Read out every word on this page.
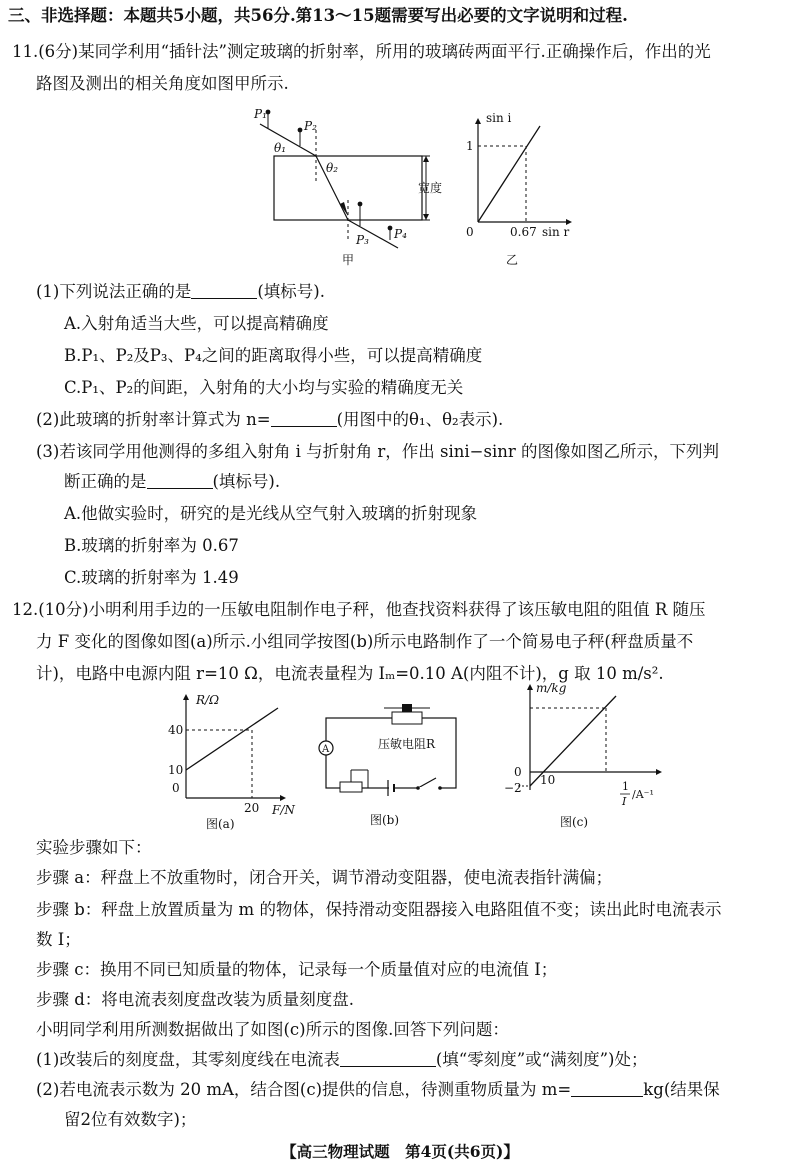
三、非选择题：本题共5小题，共56分.第13～15题需要写出必要的文字说明和过程.
11.(6分)某同学利用“插针法”测定玻璃的折射率，所用的玻璃砖两面平行.正确操作后，作出的光
路图及测出的相关角度如图甲所示.
P₁
P₂
P₃ P₄
θ₁
θ₂
宽度
甲
sin i
1
0	0.67 sin r
乙
(1)下列说法正确的是	(填标号).
A.入射角适当大些，可以提高精确度
B.P₁、P₂及P₃、P₄之间的距离取得小些，可以提高精确度
C.P₁、P₂的间距，入射角的大小均与实验的精确度无关
(2)此玻璃的折射率计算式为 n=	(用图中的θ₁、θ₂表示).
(3)若该同学用他测得的多组入射角 i 与折射角 r，作出 sini−sinr 的图像如图乙所示，下列判
断正确的是	(填标号).
A.他做实验时，研究的是光线从空气射入玻璃的折射现象
B.玻璃的折射率为 0.67
C.玻璃的折射率为 1.49
12.(10分)小明利用手边的一压敏电阻制作电子秤，他查找资料获得了该压敏电阻的阻值 R 随压
力 F 变化的图像如图(a)所示.小组同学按图(b)所示电路制作了一个简易电子秤(秤盘质量不
计)，电路中电源内阻 r=10 Ω，电流表量程为 Iₘ=0.10 A(内阻不计)，g 取 10 m/s².
R/Ω
40
10
0
20 F/N
图(a)
A	压敏电阻R
图(b)
m/kg
0
−2
10	1
I
/A⁻¹
图(c)
实验步骤如下：
步骤 a：秤盘上不放重物时，闭合开关，调节滑动变阻器，使电流表指针满偏；
步骤 b：秤盘上放置质量为 m 的物体，保持滑动变阻器接入电路阻值不变；读出此时电流表示
数 I；
步骤 c：换用不同已知质量的物体，记录每一个质量值对应的电流值 I；
步骤 d：将电流表刻度盘改装为质量刻度盘.
小明同学利用所测数据做出了如图(c)所示的图像.回答下列问题：
(1)改装后的刻度盘，其零刻度线在电流表	(填“零刻度”或“满刻度”)处；
(2)若电流表示数为 20 mA，结合图(c)提供的信息，待测重物质量为 m=	kg(结果保
留2位有效数字)；
【高三物理试题　第4页(共6页)】
